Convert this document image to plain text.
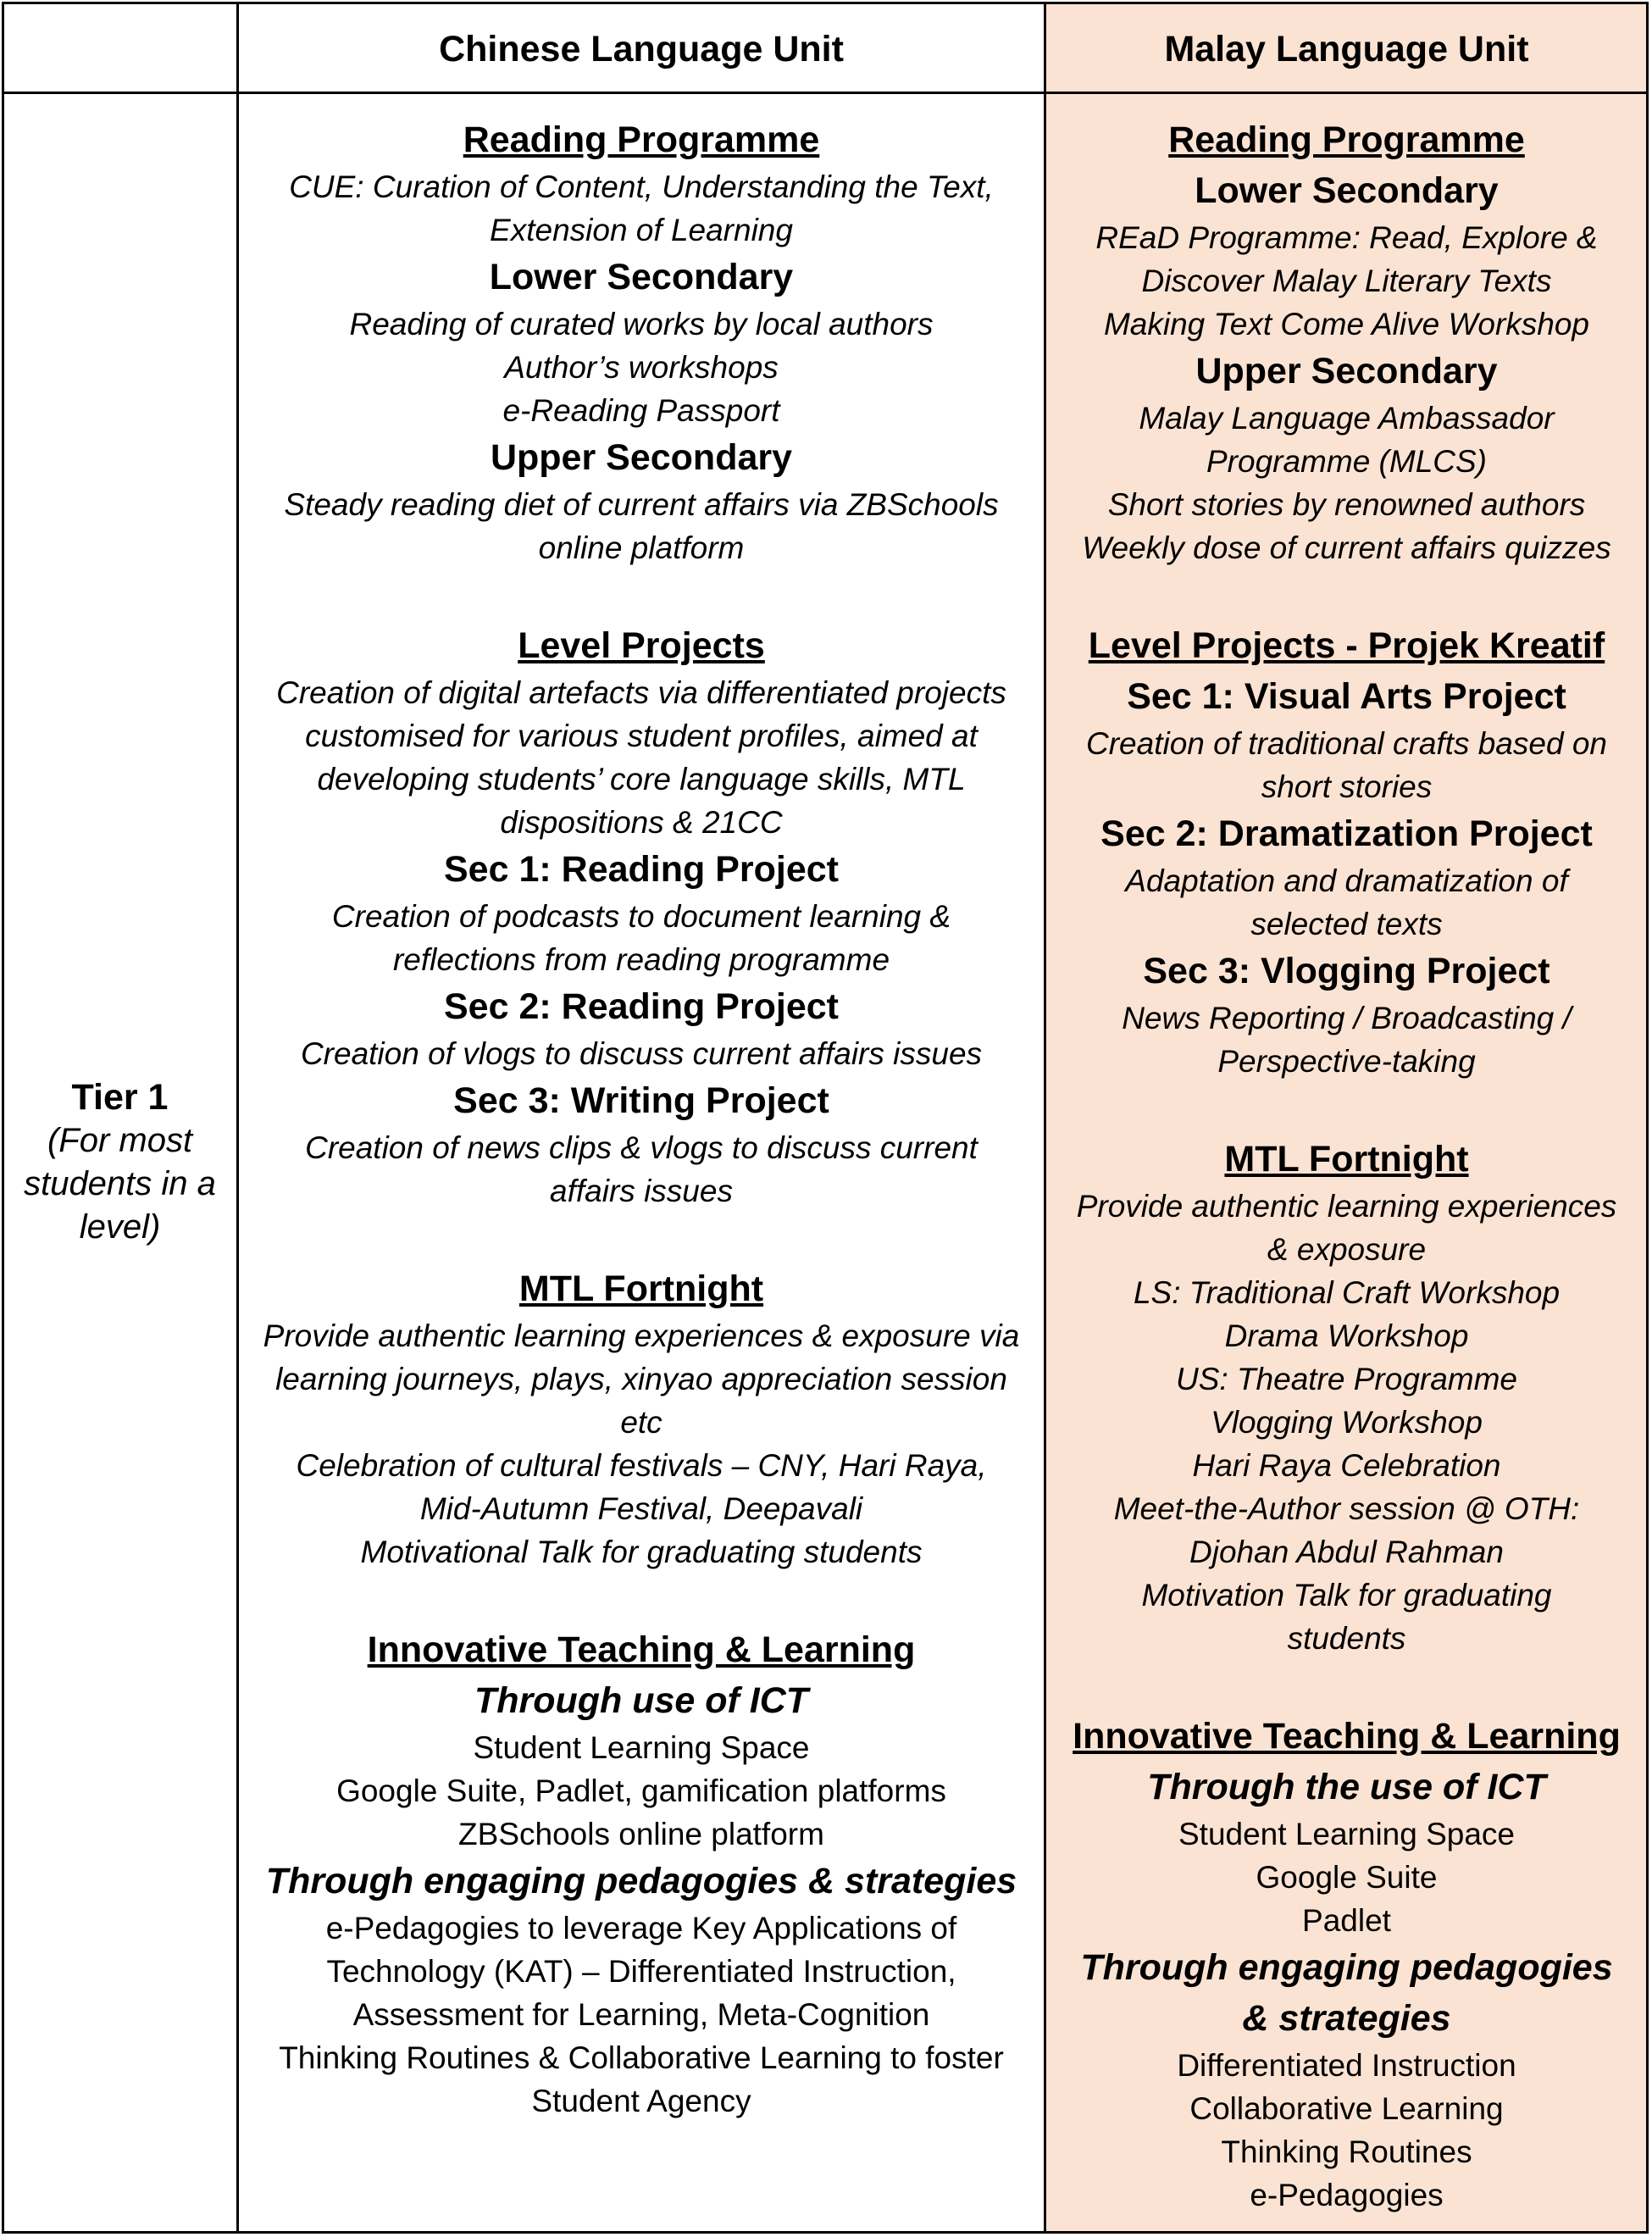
Chinese Language Unit	Malay Language Unit
Tier 1
(For most
students in a
level)
Reading Programme
CUE: Curation of Content, Understanding the Text,
Extension of Learning
Lower Secondary
Reading of curated works by local authors
Author’s workshops
e-Reading Passport
Upper Secondary
Steady reading diet of current affairs via ZBSchools
online platform
Level Projects
Creation of digital artefacts via differentiated projects
customised for various student profiles, aimed at
developing students’ core language skills, MTL
dispositions & 21CC
Sec 1: Reading Project
Creation of podcasts to document learning &
reflections from reading programme
Sec 2: Reading Project
Creation of vlogs to discuss current affairs issues
Sec 3: Writing Project
Creation of news clips & vlogs to discuss current
affairs issues
MTL Fortnight
Provide authentic learning experiences & exposure via
learning journeys, plays, xinyao appreciation session
etc
Celebration of cultural festivals – CNY, Hari Raya,
Mid-Autumn Festival, Deepavali
Motivational Talk for graduating students
Innovative Teaching & Learning
Through use of ICT
Student Learning Space
Google Suite, Padlet, gamification platforms
ZBSchools online platform
Through engaging pedagogies & strategies
e-Pedagogies to leverage Key Applications of
Technology (KAT) – Differentiated Instruction,
Assessment for Learning, Meta-Cognition
Thinking Routines & Collaborative Learning to foster
Student Agency
Reading Programme
Lower Secondary
REaD Programme: Read, Explore &
Discover Malay Literary Texts
Making Text Come Alive Workshop
Upper Secondary
Malay Language Ambassador
Programme (MLCS)
Short stories by renowned authors
Weekly dose of current affairs quizzes
Level Projects - Projek Kreatif
Sec 1: Visual Arts Project
Creation of traditional crafts based on
short stories
Sec 2: Dramatization Project
Adaptation and dramatization of
selected texts
Sec 3: Vlogging Project
News Reporting / Broadcasting /
Perspective-taking
MTL Fortnight
Provide authentic learning experiences
& exposure
LS: Traditional Craft Workshop
Drama Workshop
US: Theatre Programme
Vlogging Workshop
Hari Raya Celebration
Meet-the-Author session @ OTH:
Djohan Abdul Rahman
Motivation Talk for graduating
students
Innovative Teaching & Learning
Through the use of ICT
Student Learning Space
Google Suite
Padlet
Through engaging pedagogies
& strategies
Differentiated Instruction
Collaborative Learning
Thinking Routines
e-Pedagogies
